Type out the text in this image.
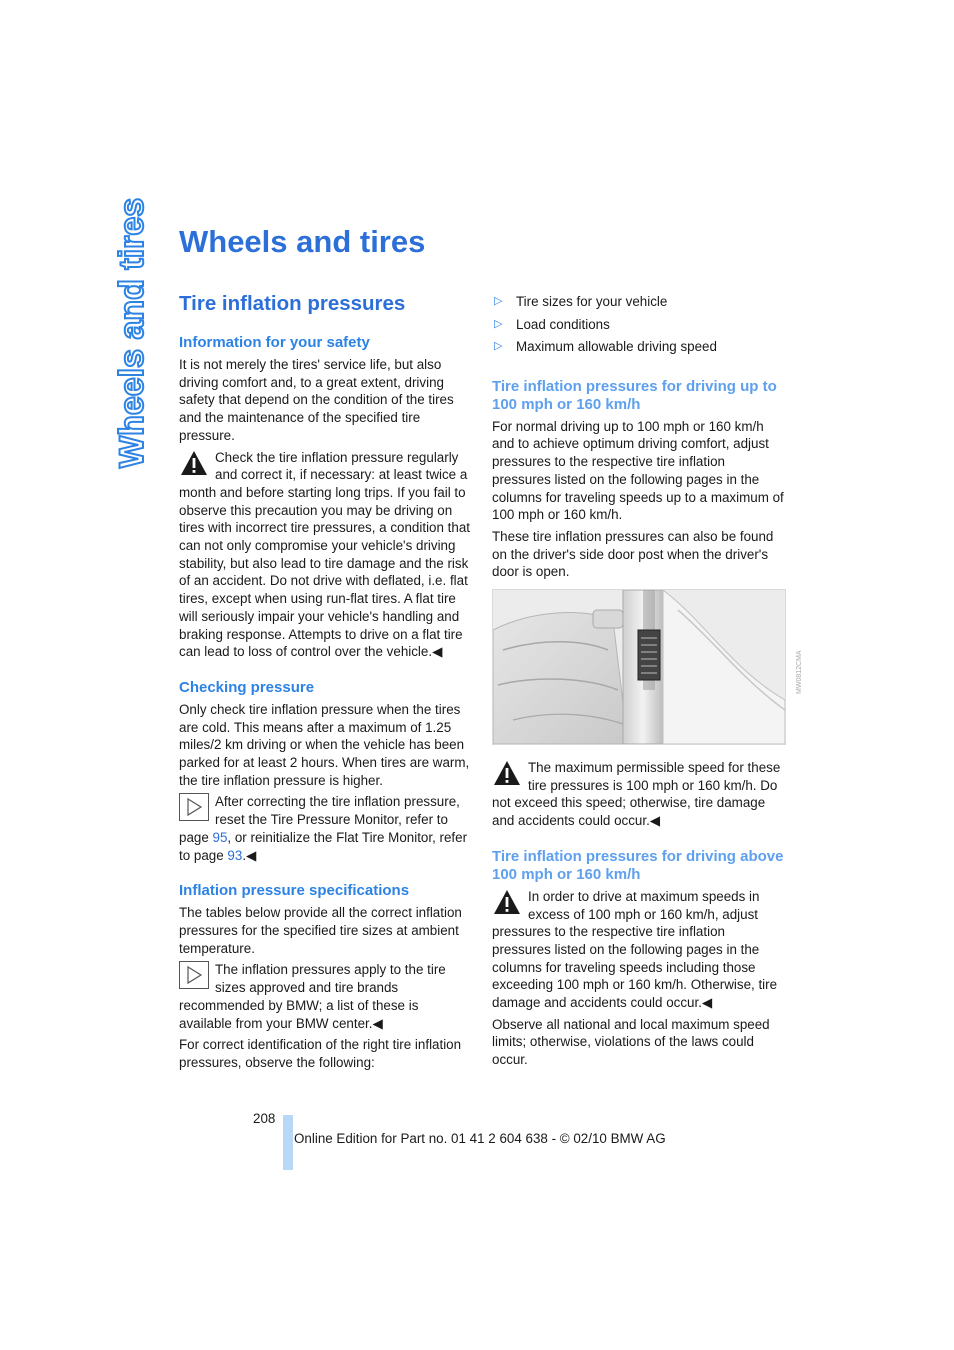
Wheels and tires Wheels and tires
Tire inflation pressures
Information for your safety

It is not merely the tires' service life, but also driving comfort and, to a great extent, driving safety that depend on the condition of the tires and the maintenance of the specified tire pressure.

Check the tire inflation pressure regularly and correct it, if necessary: at least twice a month and before starting long trips. If you fail to observe this precaution you may be driving on tires with incorrect tire pressures, a condition that can not only compromise your vehicle's driving stability, but also lead to tire damage and the risk of an accident. Do not drive with deflated, i.e. flat tires, except when using run-flat tires. A flat tire will seriously impair your vehicle's handling and braking response. Attempts to drive on a flat tire can lead to loss of control over the vehicle.◀
Checking pressure

Only check tire inflation pressure when the tires are cold. This means after a maximum of 1.25 miles/2 km driving or when the vehicle has been parked for at least 2 hours. When tires are warm, the tire inflation pressure is higher.

After correcting the tire inflation pressure, reset the Tire Pressure Monitor, refer to page 95, or reinitialize the Flat Tire Monitor, refer to page 93.◀
Inflation pressure specifications

The tables below provide all the correct inflation pressures for the specified tire sizes at ambient temperature.

The inflation pressures apply to the tire sizes approved and tire brands recommended by BMW; a list of these is available from your BMW center.◀

For correct identification of the right tire inflation pressures, observe the following:

▷ Tire sizes for your vehicle
▷ Load conditions
▷ Maximum allowable driving speed
Tire inflation pressures for driving up to 100 mph or 160 km/h

For normal driving up to 100 mph or 160 km/h and to achieve optimum driving comfort, adjust pressures to the respective tire inflation pressures listed on the following pages in the columns for traveling speeds up to a maximum of 100 mph or 160 km/h.

These tire inflation pressures can also be found on the driver's side door post when the driver's door is open.

The maximum permissible speed for these tire pressures is 100 mph or 160 km/h. Do not exceed this speed; otherwise, tire damage and accidents could occur.◀
Tire inflation pressures for driving above 100 mph or 160 km/h
In order to drive at maximum speeds in excess of 100 mph or 160 km/h, adjust pressures to the respective tire inflation pressures listed on the following pages in the columns for traveling speeds including those exceeding 100 mph or 160 km/h. Otherwise, tire damage and accidents could occur.◀

Observe all national and local maximum speed limits; otherwise, violations of the laws could occur.

MW0812CMA
208
Online Edition for Part no. 01 41 2 604 638 - © 02/10 BMW AG
